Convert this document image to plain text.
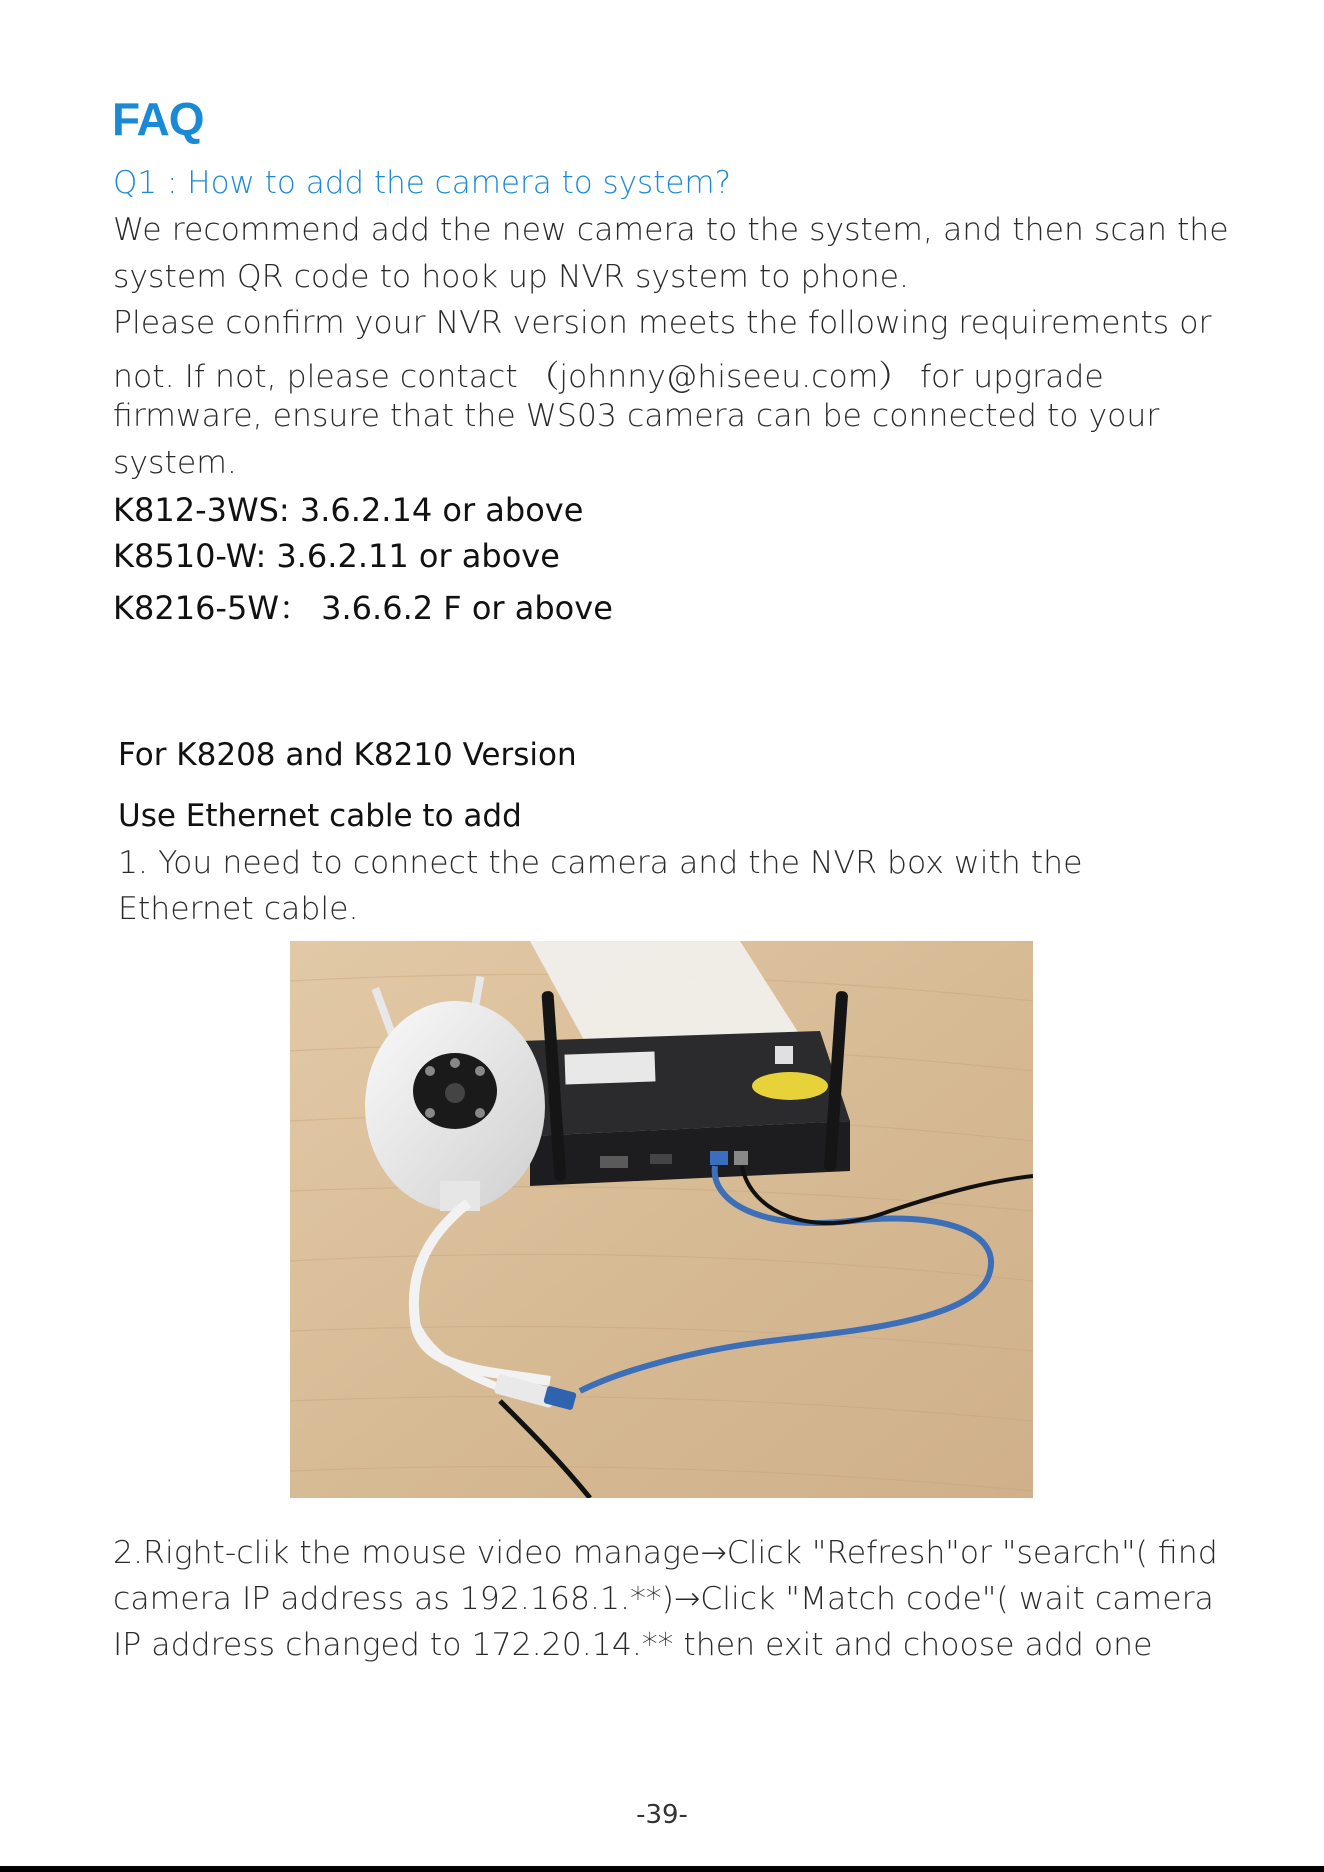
FAQ
Q1 : How to add the camera to system?
We recommend add the new camera to the system, and then scan the
system QR code to hook up NVR system to phone.
Please confirm your NVR version meets the following requirements or
not. If not, please contact （johnny@hiseeu.com） for upgrade
firmware, ensure that the WS03 camera can be connected to your
system.
K812-3WS: 3.6.2.14 or above
K8510-W: 3.6.2.11 or above
K8216-5W： 3.6.6.2 F or above
For K8208 and K8210 Version
Use Ethernet cable to add
1. You need to connect the camera and the NVR box with the
Ethernet cable.
2.Right-clik the mouse video manage→Click "Refresh"or "search"( find
camera IP address as 192.168.1.**)→Click "Match code"( wait camera
IP address changed to 172.20.14.** then exit and choose add one
-39-
